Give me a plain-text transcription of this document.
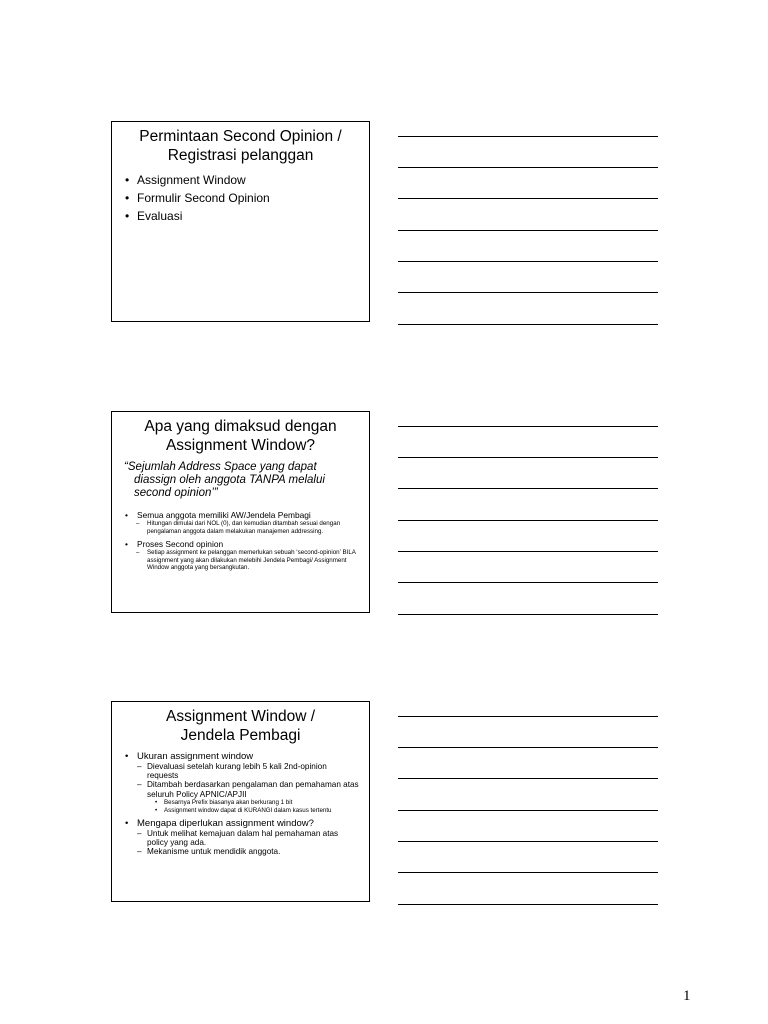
Permintaan Second Opinion /
Registrasi pelanggan
• Assignment Window
• Formulir Second Opinion
• Evaluasi
Apa yang dimaksud dengan
Assignment Window?
“Sejumlah Address Space yang dapat diassign oleh anggota TANPA melalui second opinion’”
• Semua anggota memiliki AW/Jendela Pembagi
– Hitungan dimulai dari NOL (0), dan kemudian ditambah sesuai dengan pengalaman anggota dalam melakukan manajemen addressing.
• Proses Second opinion
– Setiap assignment ke pelanggan memerlukan sebuah ‘second-opinion’ BILA assignment yang akan dilakukan melebihi Jendela Pembagi/ Assignment Window anggota yang bersangkutan.
Assignment Window /
Jendela Pembagi
• Ukuran assignment window
– Dievaluasi setelah kurang lebih 5 kali 2nd-opinion requests
– Ditambah berdasarkan pengalaman dan pemahaman atas seluruh Policy APNIC/APJII
• Besarnya Prefix biasanya akan berkurang 1 bit
• Assignment window dapat di KURANGI dalam kasus tertentu
• Mengapa diperlukan assignment window?
– Untuk melihat kemajuan dalam hal pemahaman atas policy yang ada.
– Mekanisme untuk mendidik anggota.
1
